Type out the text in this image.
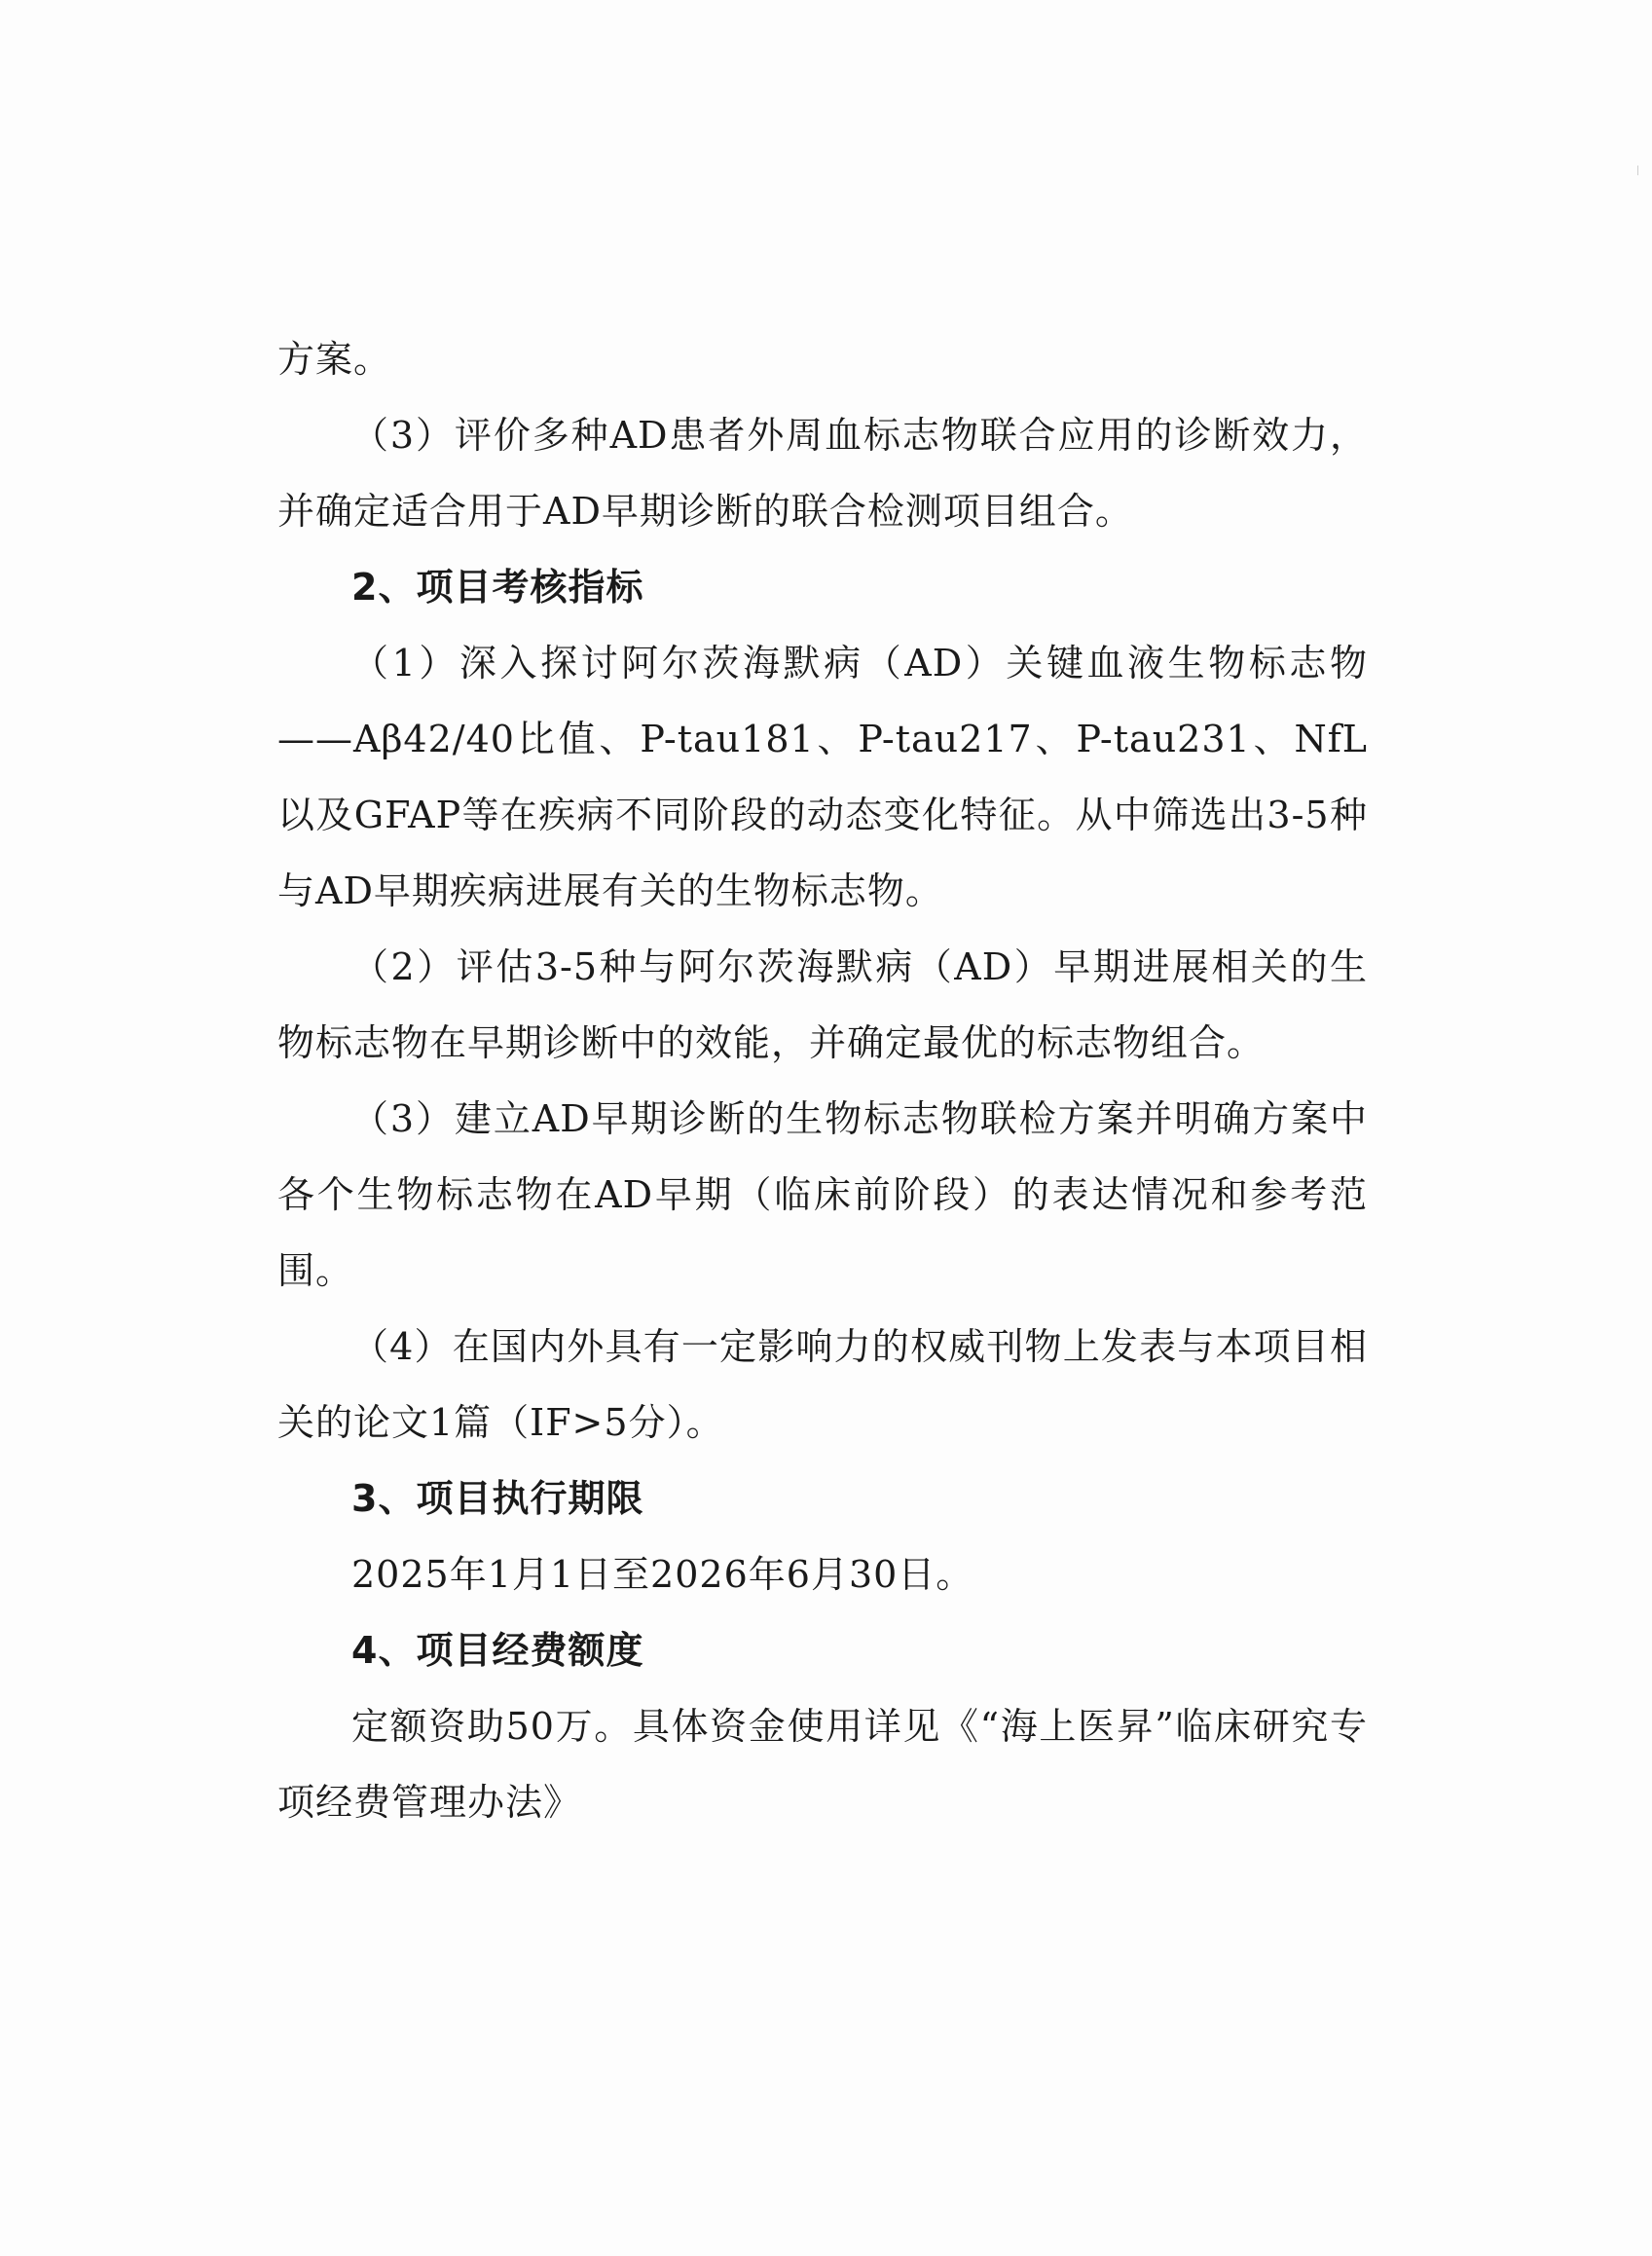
方案。

（3）评价多种AD患者外周血标志物联合应用的诊断效力，并确定适合用于AD早期诊断的联合检测项目组合。

2、项目考核指标

（1）深入探讨阿尔茨海默病（AD）关键血液生物标志物——Aβ42/40比值、P-tau181、P-tau217、P-tau231、NfL以及GFAP等在疾病不同阶段的动态变化特征。从中筛选出3-5种与AD早期疾病进展有关的生物标志物。

（2）评估3-5种与阿尔茨海默病（AD）早期进展相关的生物标志物在早期诊断中的效能，并确定最优的标志物组合。

（3）建立AD早期诊断的生物标志物联检方案并明确方案中各个生物标志物在AD早期（临床前阶段）的表达情况和参考范围。

（4）在国内外具有一定影响力的权威刊物上发表与本项目相关的论文1篇（IF>5分）。

3、项目执行期限

2025年1月1日至2026年6月30日。

4、项目经费额度

定额资助50万。具体资金使用详见《“海上医昇”临床研究专项经费管理办法》
